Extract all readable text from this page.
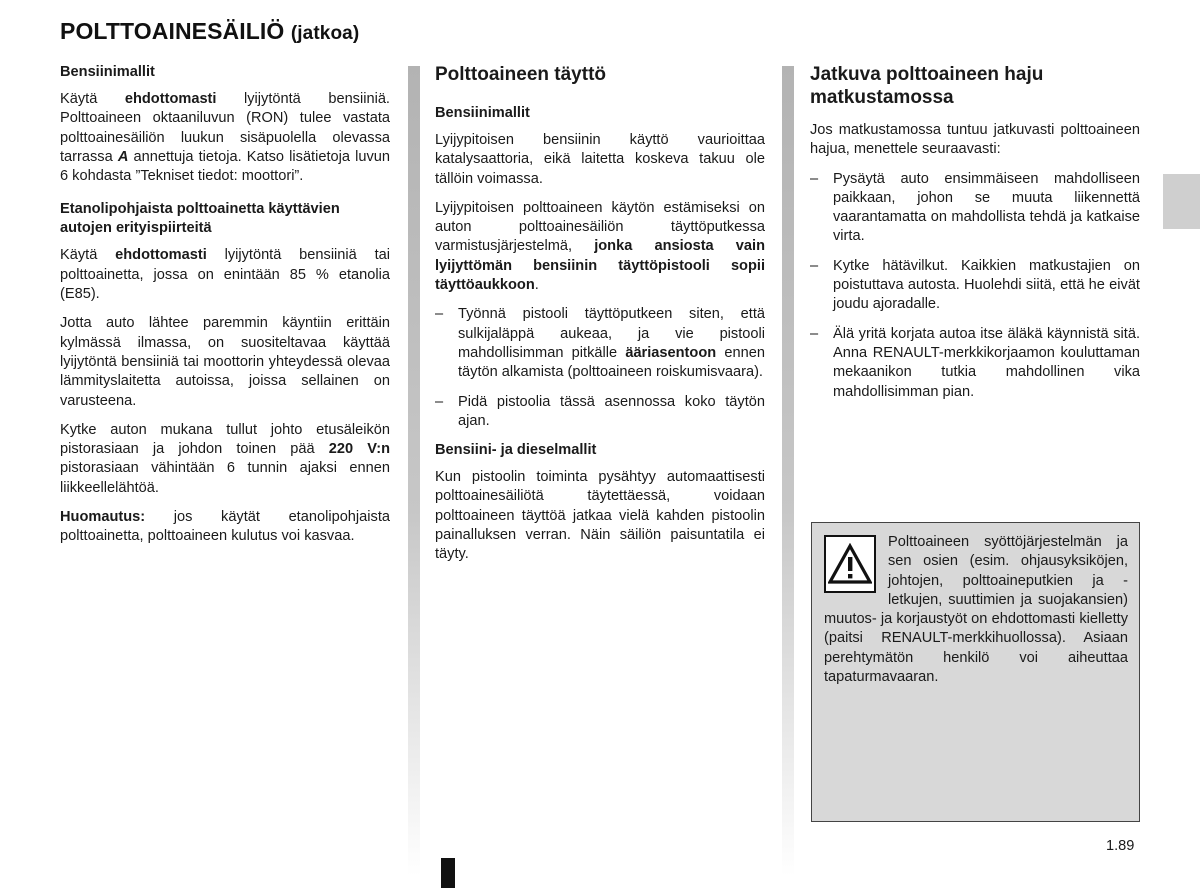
POLTTOAINESÄILIÖ (jatkoa)
Bensiinimallit

Käytä ehdottomasti lyijytöntä bensiiniä. Polttoaineen oktaaniluvun (RON) tulee vastata polttoainesäiliön luukun sisäpuolella olevassa tarrassa A annettuja tietoja. Katso lisätietoja luvun 6 kohdasta ”Tekniset tiedot: moottori”.

Etanolipohjaista polttoainetta käyttävien autojen erityispiirteitä

Käytä ehdottomasti lyijytöntä bensiiniä tai polttoainetta, jossa on enintään 85 % etanolia (E85).

Jotta auto lähtee paremmin käyntiin erittäin kylmässä ilmassa, on suositeltavaa käyttää lyijytöntä bensiiniä tai moottorin yhteydessä olevaa lämmityslaitetta autoissa, joissa sellainen on varusteena.

Kytke auton mukana tullut johto etusäleikön pistorasiaan ja johdon toinen pää 220 V:n pistorasiaan vähintään 6 tunnin ajaksi ennen liikkeellelähtöä.

Huomautus: jos käytät etanolipohjaista polttoainetta, polttoaineen kulutus voi kasvaa.

Polttoaineen täyttö
Bensiinimallit

Lyijypitoisen bensiinin käyttö vaurioittaa katalysaattoria, eikä laitetta koskeva takuu ole tällöin voimassa.

Lyijypitoisen polttoaineen käytön estämiseksi on auton polttoainesäiliön täyttöputkessa varmistusjärjestelmä, jonka ansiosta vain lyijyttömän bensiinin täyttöpistooli sopii täyttöaukkoon.

– Työnnä pistooli täyttöputkeen siten, että sulkijaläppä aukeaa, ja vie pistooli mahdollisimman pitkälle ääriasentoon ennen täytön alkamista (polttoaineen roiskumisvaara).
– Pidä pistoolia tässä asennossa koko täytön ajan.
Bensiini- ja dieselmallit

Kun pistoolin toiminta pysähtyy automaattisesti polttoainesäiliötä täytettäessä, voidaan polttoaineen täyttöä jatkaa vielä kahden pistoolin painalluksen verran. Näin säiliön paisuntatila ei täyty.

Jatkuva polttoaineen haju matkustamossa

Jos matkustamossa tuntuu jatkuvasti polttoaineen hajua, menettele seuraavasti:

– Pysäytä auto ensimmäiseen mahdolliseen paikkaan, johon se muuta liikennettä vaarantamatta on mahdollista tehdä ja katkaise virta.
– Kytke hätävilkut. Kaikkien matkustajien on poistuttava autosta. Huolehdi siitä, että he eivät joudu ajoradalle.
– Älä yritä korjata autoa itse äläkä käynnistä sitä. Anna RENAULT-merkkikorjaamon kouluttaman mekaanikon tutkia mahdollinen vika mahdollisimman pian.
Polttoaineen syöttöjärjestelmän ja sen osien (esim. ohjausyksiköjen, johtojen, polttoaineputkien ja -letkujen, suuttimien ja suojakansien) muutos- ja korjaustyöt on ehdottomasti kielletty (paitsi RENAULT-merkkihuollossa). Asiaan perehtymätön henkilö voi aiheuttaa tapaturmavaaran.
1.89
